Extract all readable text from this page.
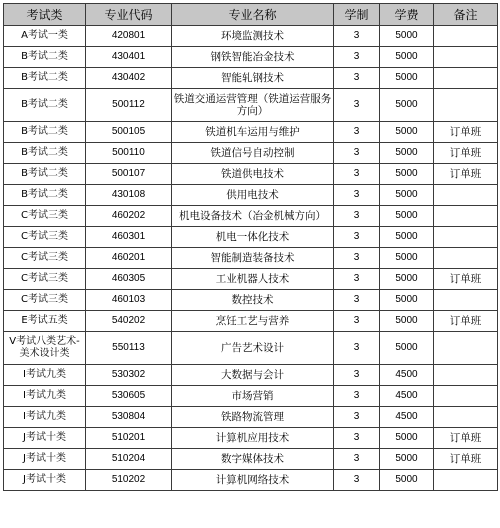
考试类	专业代码	专业名称	学制	学费	备注
A考试一类	420801	环境监测技术	3	5000	
B考试二类	430401	钢铁智能冶金技术	3	5000	
B考试二类	430402	智能轧钢技术	3	5000	
B考试二类	500112	铁道交通运营管理（铁道运营服务方向）	3	5000	
B考试二类	500105	铁道机车运用与维护	3	5000	订单班
B考试二类	500110	铁道信号自动控制	3	5000	订单班
B考试二类	500107	铁道供电技术	3	5000	订单班
B考试二类	430108	供用电技术	3	5000	
C考试三类	460202	机电设备技术（冶金机械方向）	3	5000	
C考试三类	460301	机电一体化技术	3	5000	
C考试三类	460201	智能制造装备技术	3	5000	
C考试三类	460305	工业机器人技术	3	5000	订单班
C考试三类	460103	数控技术	3	5000	
E考试五类	540202	烹饪工艺与营养	3	5000	订单班
V考试八类艺术-美术设计类	550113	广告艺术设计	3	5000	
I考试九类	530302	大数据与会计	3	4500	
I考试九类	530605	市场营销	3	4500	
I考试九类	530804	铁路物流管理	3	4500	
J考试十类	510201	计算机应用技术	3	5000	订单班
J考试十类	510204	数字媒体技术	3	5000	订单班
J考试十类	510202	计算机网络技术	3	5000	
